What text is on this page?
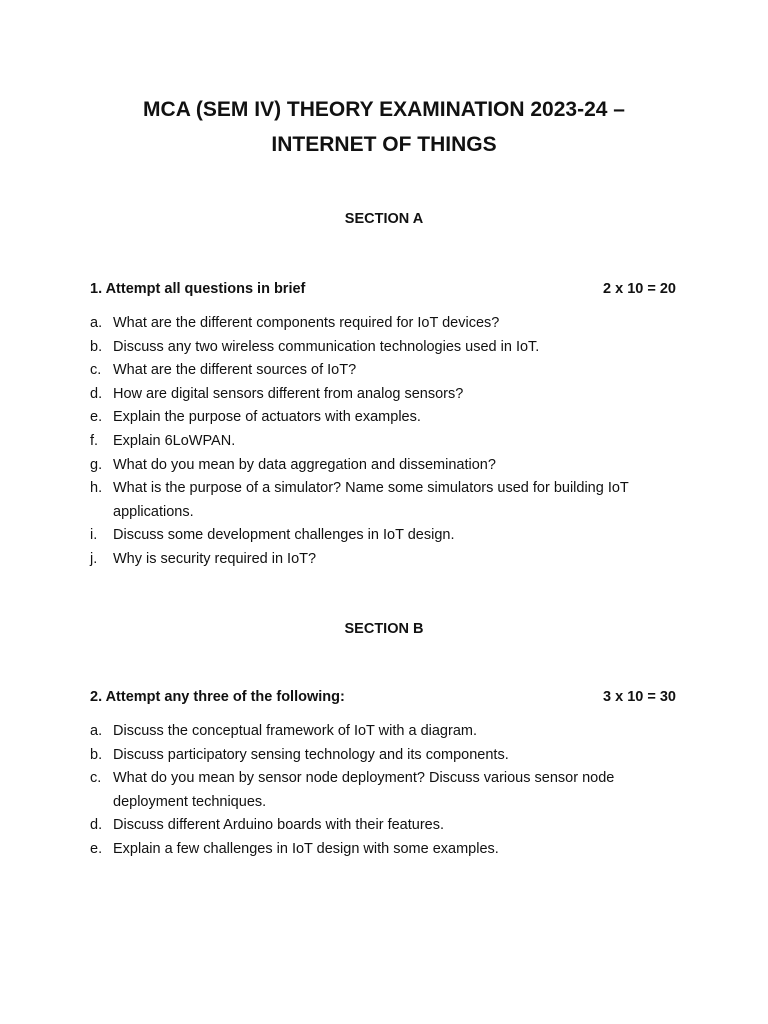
MCA (SEM IV) THEORY EXAMINATION 2023-24 –
INTERNET OF THINGS
SECTION A
1. Attempt all questions in brief	2 x 10 = 20
a. What are the different components required for IoT devices?
b. Discuss any two wireless communication technologies used in IoT.
c. What are the different sources of IoT?
d. How are digital sensors different from analog sensors?
e. Explain the purpose of actuators with examples.
f. Explain 6LoWPAN.
g. What do you mean by data aggregation and dissemination?
h. What is the purpose of a simulator? Name some simulators used for building IoT applications.
i. Discuss some development challenges in IoT design.
j. Why is security required in IoT?
SECTION B
2. Attempt any three of the following:	3 x 10 = 30
a. Discuss the conceptual framework of IoT with a diagram.
b. Discuss participatory sensing technology and its components.
c. What do you mean by sensor node deployment? Discuss various sensor node deployment techniques.
d. Discuss different Arduino boards with their features.
e. Explain a few challenges in IoT design with some examples.
